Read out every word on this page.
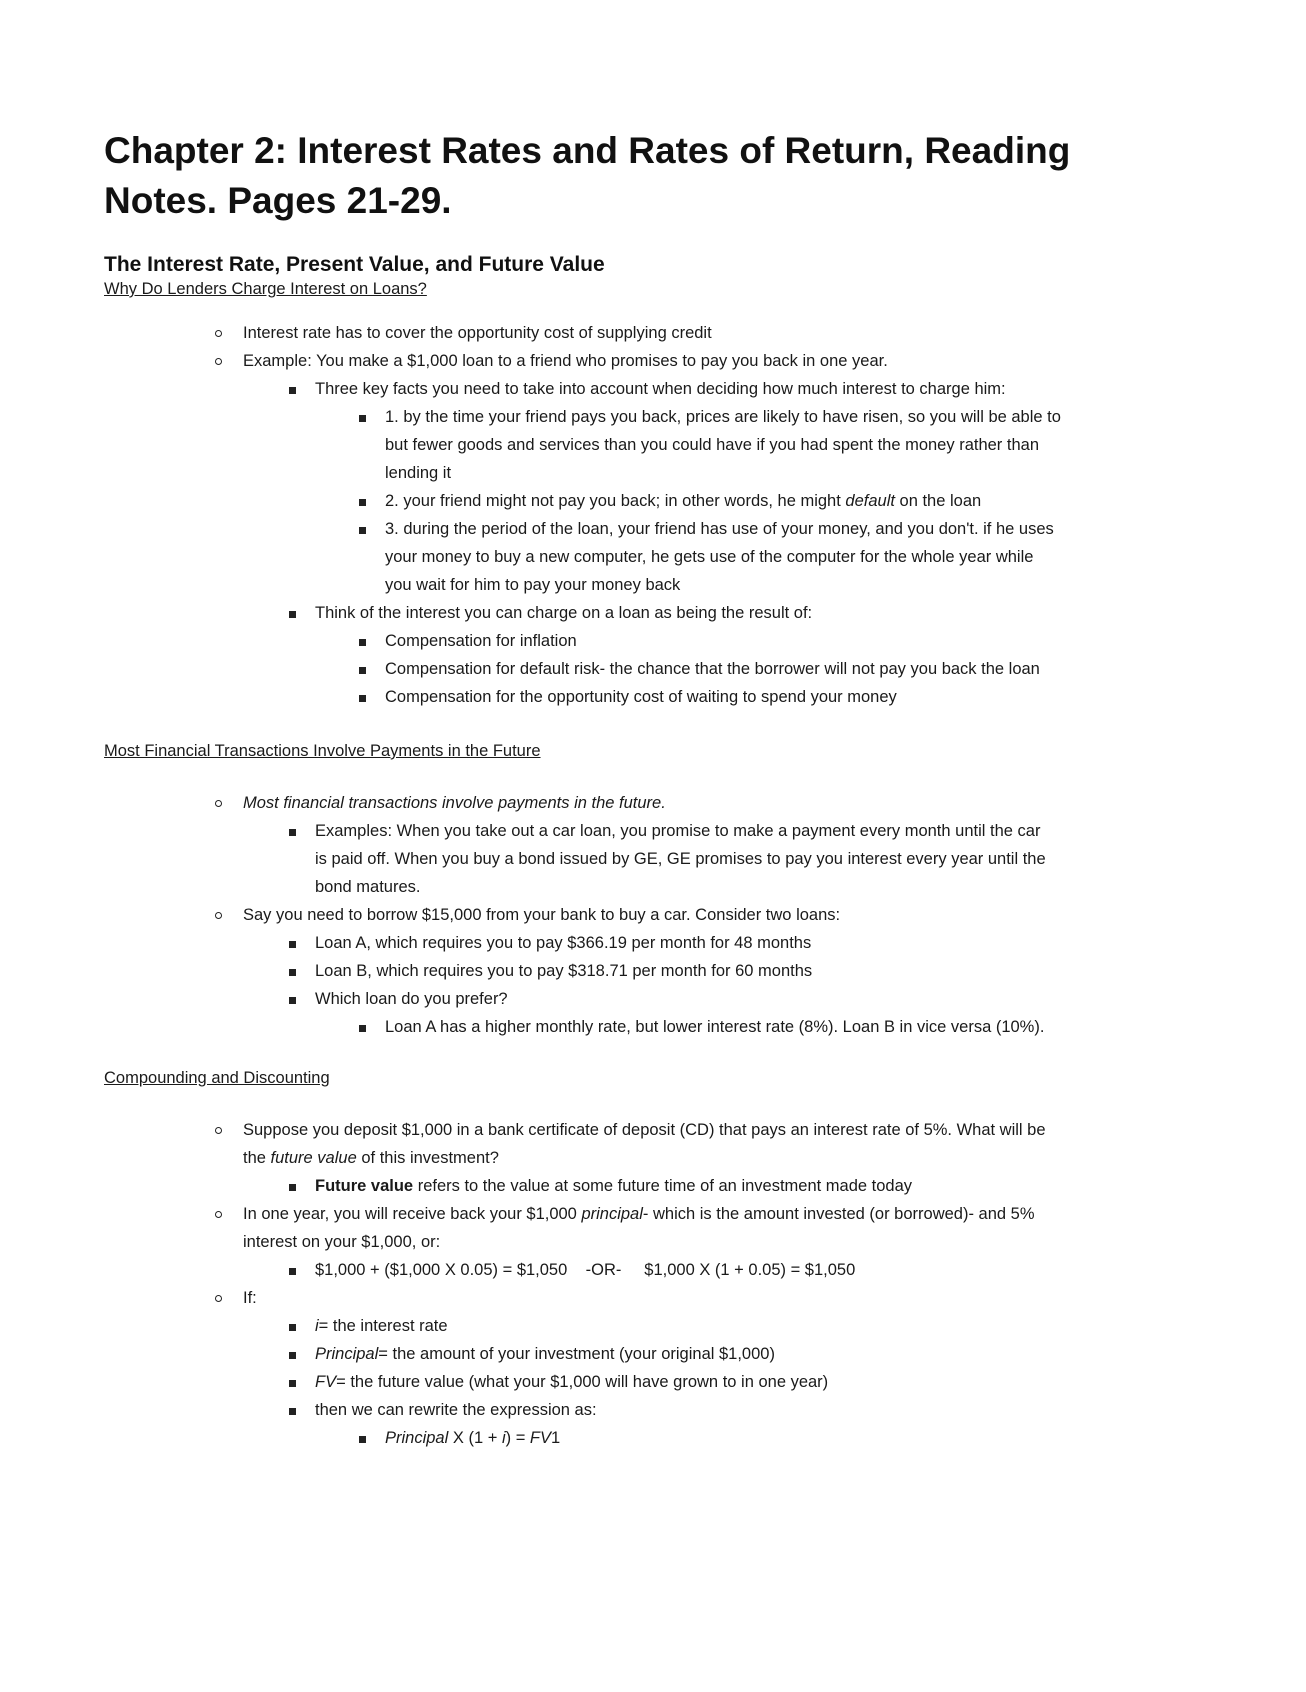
Chapter 2: Interest Rates and Rates of Return, Reading Notes. Pages 21-29.
The Interest Rate, Present Value, and Future Value
Why Do Lenders Charge Interest on Loans?
Interest rate has to cover the opportunity cost of supplying credit
Example: You make a $1,000 loan to a friend who promises to pay you back in one year.
Three key facts you need to take into account when deciding how much interest to charge him:
1. by the time your friend pays you back, prices are likely to have risen, so you will be able to
but fewer goods and services than you could have if you had spent the money rather than
lending it
2. your friend might not pay you back; in other words, he might default on the loan
3. during the period of the loan, your friend has use of your money, and you don't. if he uses
your money to buy a new computer, he gets use of the computer for the whole year while
you wait for him to pay your money back
Think of the interest you can charge on a loan as being the result of:
Compensation for inflation
Compensation for default risk- the chance that the borrower will not pay you back the loan
Compensation for the opportunity cost of waiting to spend your money
Most Financial Transactions Involve Payments in the Future
Most financial transactions involve payments in the future.
Examples: When you take out a car loan, you promise to make a payment every month until the car
is paid off. When you buy a bond issued by GE, GE promises to pay you interest every year until the
bond matures.
Say you need to borrow $15,000 from your bank to buy a car. Consider two loans:
Loan A, which requires you to pay $366.19 per month for 48 months
Loan B, which requires you to pay $318.71 per month for 60 months
Which loan do you prefer?
Loan A has a higher monthly rate, but lower interest rate (8%). Loan B in vice versa (10%).
Compounding and Discounting
Suppose you deposit $1,000 in a bank certificate of deposit (CD) that pays an interest rate of 5%. What will be
the future value of this investment?
Future value refers to the value at some future time of an investment made today
In one year, you will receive back your $1,000 principal- which is the amount invested (or borrowed)- and 5%
interest on your $1,000, or:
$1,000 + ($1,000 X 0.05) = $1,050    -OR-     $1,000 X (1 + 0.05) = $1,050
If:
i= the interest rate
Principal= the amount of your investment (your original $1,000)
FV= the future value (what your $1,000 will have grown to in one year)
then we can rewrite the expression as:
Principal X (1 + i) = FV1
